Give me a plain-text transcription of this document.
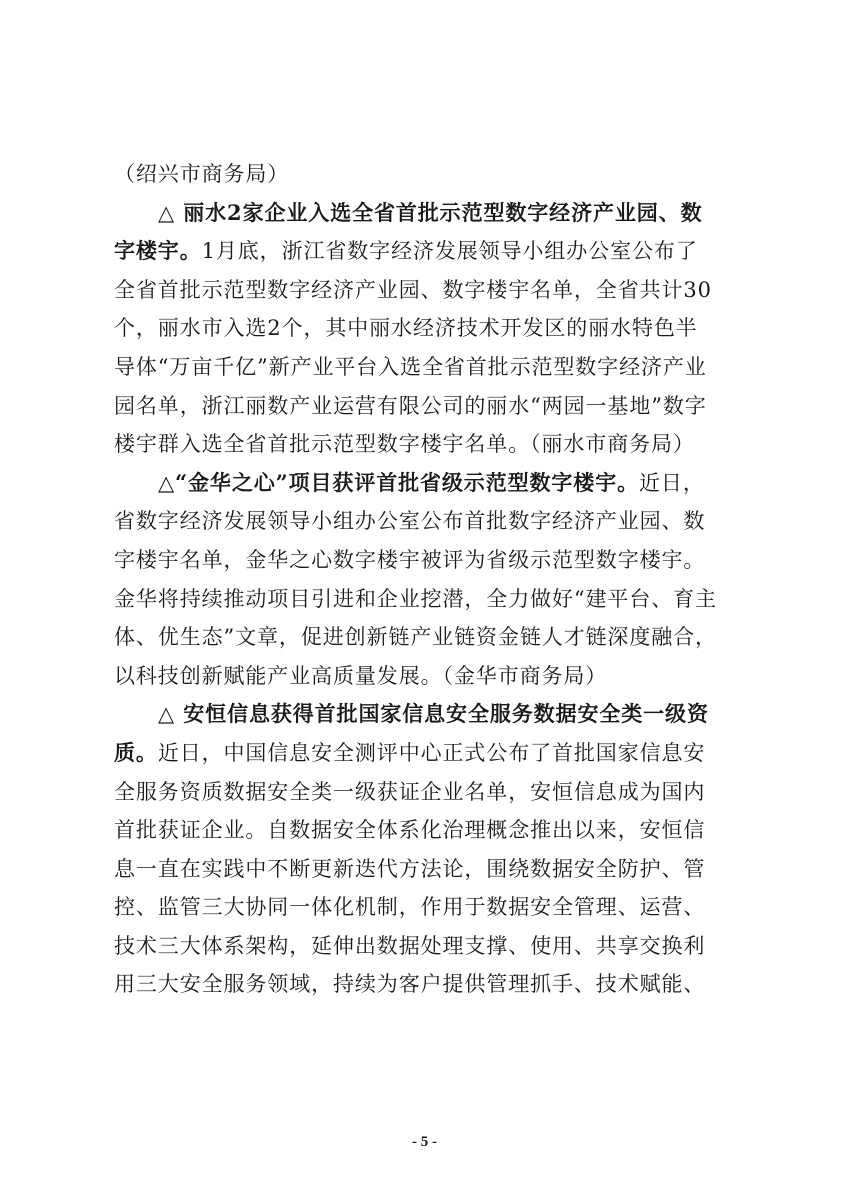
（绍兴市商务局）
△ 丽水2家企业入选全省首批示范型数字经济产业园、数
字楼宇。1月底，浙江省数字经济发展领导小组办公室公布了
全省首批示范型数字经济产业园、数字楼宇名单，全省共计30
个，丽水市入选2个，其中丽水经济技术开发区的丽水特色半
导体“万亩千亿”新产业平台入选全省首批示范型数字经济产业
园名单，浙江丽数产业运营有限公司的丽水“两园一基地”数字
楼宇群入选全省首批示范型数字楼宇名单。（丽水市商务局）
△“金华之心”项目获评首批省级示范型数字楼宇。近日，
省数字经济发展领导小组办公室公布首批数字经济产业园、数
字楼宇名单，金华之心数字楼宇被评为省级示范型数字楼宇。
金华将持续推动项目引进和企业挖潜，全力做好“建平台、育主
体、优生态”文章，促进创新链产业链资金链人才链深度融合，
以科技创新赋能产业高质量发展。（金华市商务局）
△ 安恒信息获得首批国家信息安全服务数据安全类一级资
质。近日，中国信息安全测评中心正式公布了首批国家信息安
全服务资质数据安全类一级获证企业名单，安恒信息成为国内
首批获证企业。自数据安全体系化治理概念推出以来，安恒信
息一直在实践中不断更新迭代方法论，围绕数据安全防护、管
控、监管三大协同一体化机制，作用于数据安全管理、运营、
技术三大体系架构，延伸出数据处理支撑、使用、共享交换利
用三大安全服务领域，持续为客户提供管理抓手、技术赋能、
- 5 -
